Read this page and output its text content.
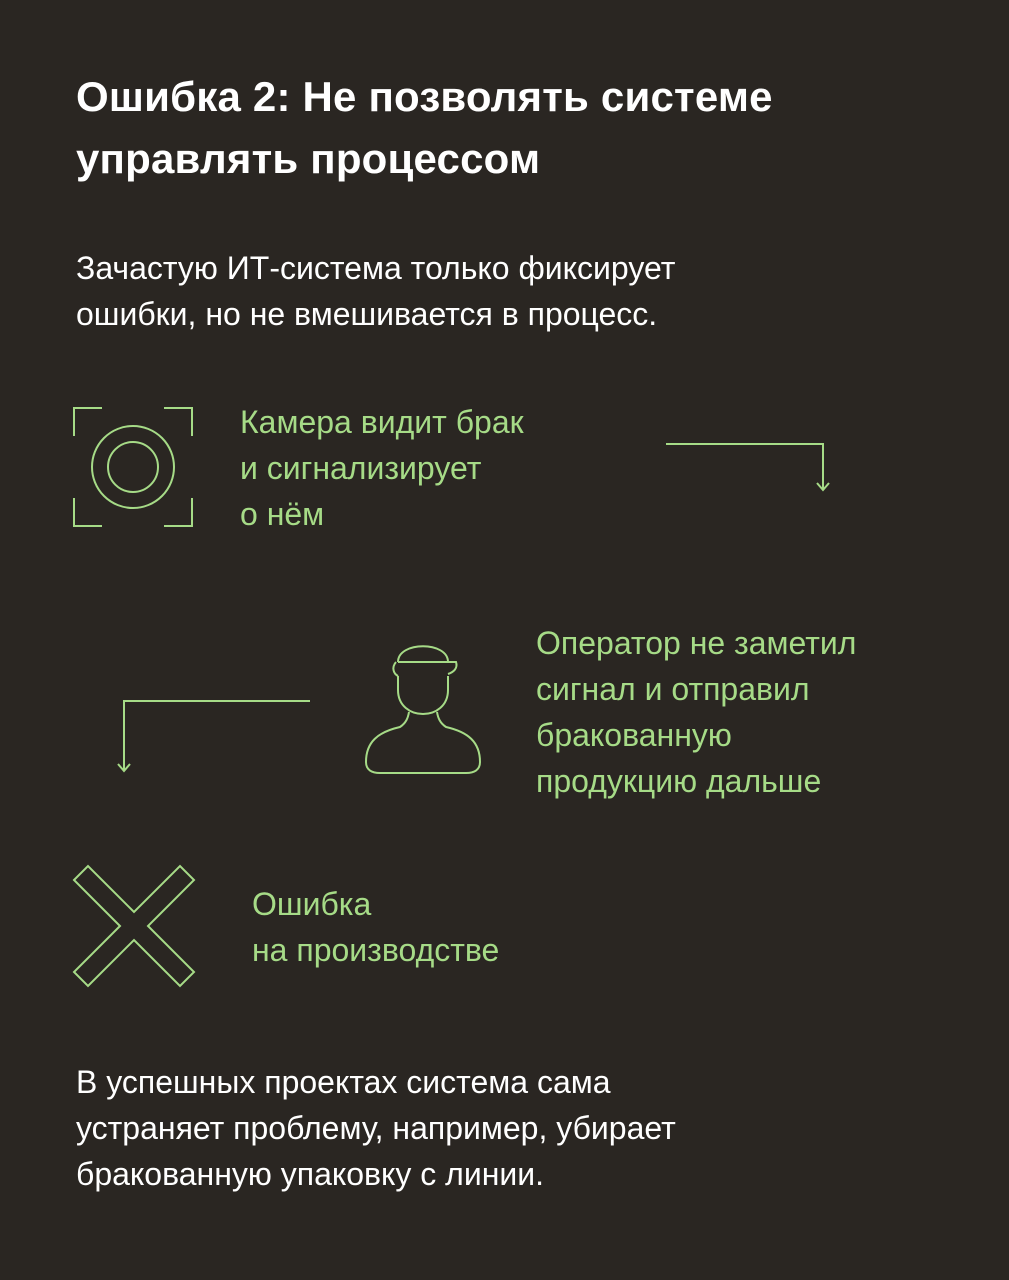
Ошибка 2: Не позволять системе
управлять процессом

Зачастую ИТ-система только фиксирует
ошибки, но не вмешивается в процесс.

Камера видит брак
и сигнализирует
о нём

Оператор не заметил
сигнал и отправил
бракованную
продукцию дальше

Ошибка
на производстве

В успешных проектах система сама
устраняет проблему, например, убирает
бракованную упаковку с линии.
